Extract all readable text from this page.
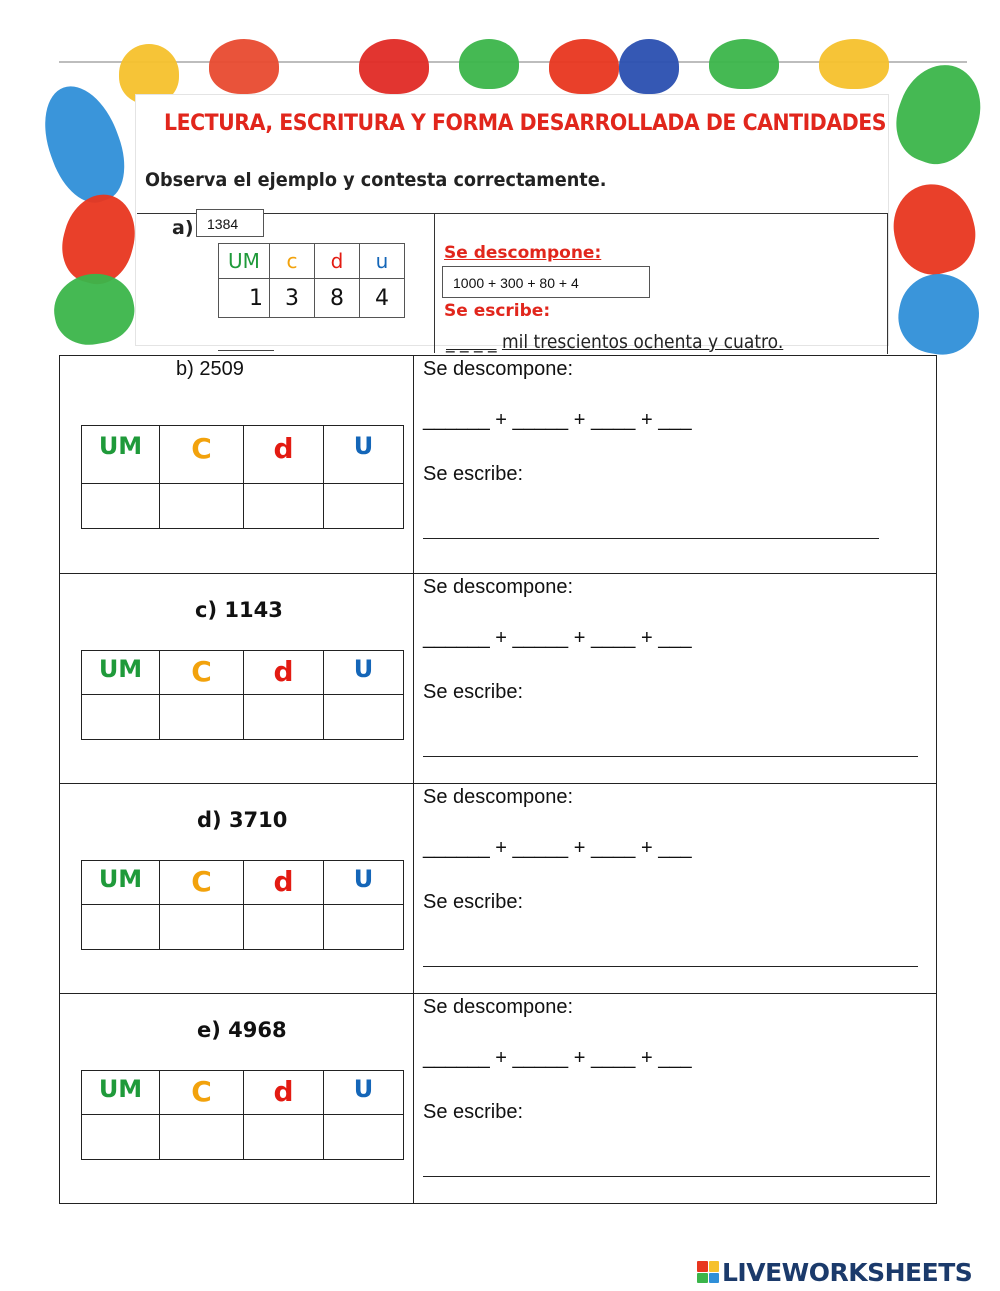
LECTURA, ESCRITURA Y FORMA DESARROLLADA DE CANTIDADES
Observa el ejemplo y contesta correctamente.
a) 1384
UM	c	d	u
1	3	8	4
Se descompone:
1000 + 300 + 80 + 4
Se escribe:
_ _ _ _ mil trescientos ochenta y cuatro.
b) 2509
UM	C	d	U

Se descompone:
______ + _____ + ____ + ___
Se escribe:
c) 1143
UM	C	d	U

Se descompone:
______ + _____ + ____ + ___
Se escribe:
d) 3710
UM	C	d	U

Se descompone:
______ + _____ + ____ + ___
Se escribe:
e) 4968
UM	C	d	U

Se descompone:
______ + _____ + ____ + ___
Se escribe:
LIVEWORKSHEETS
